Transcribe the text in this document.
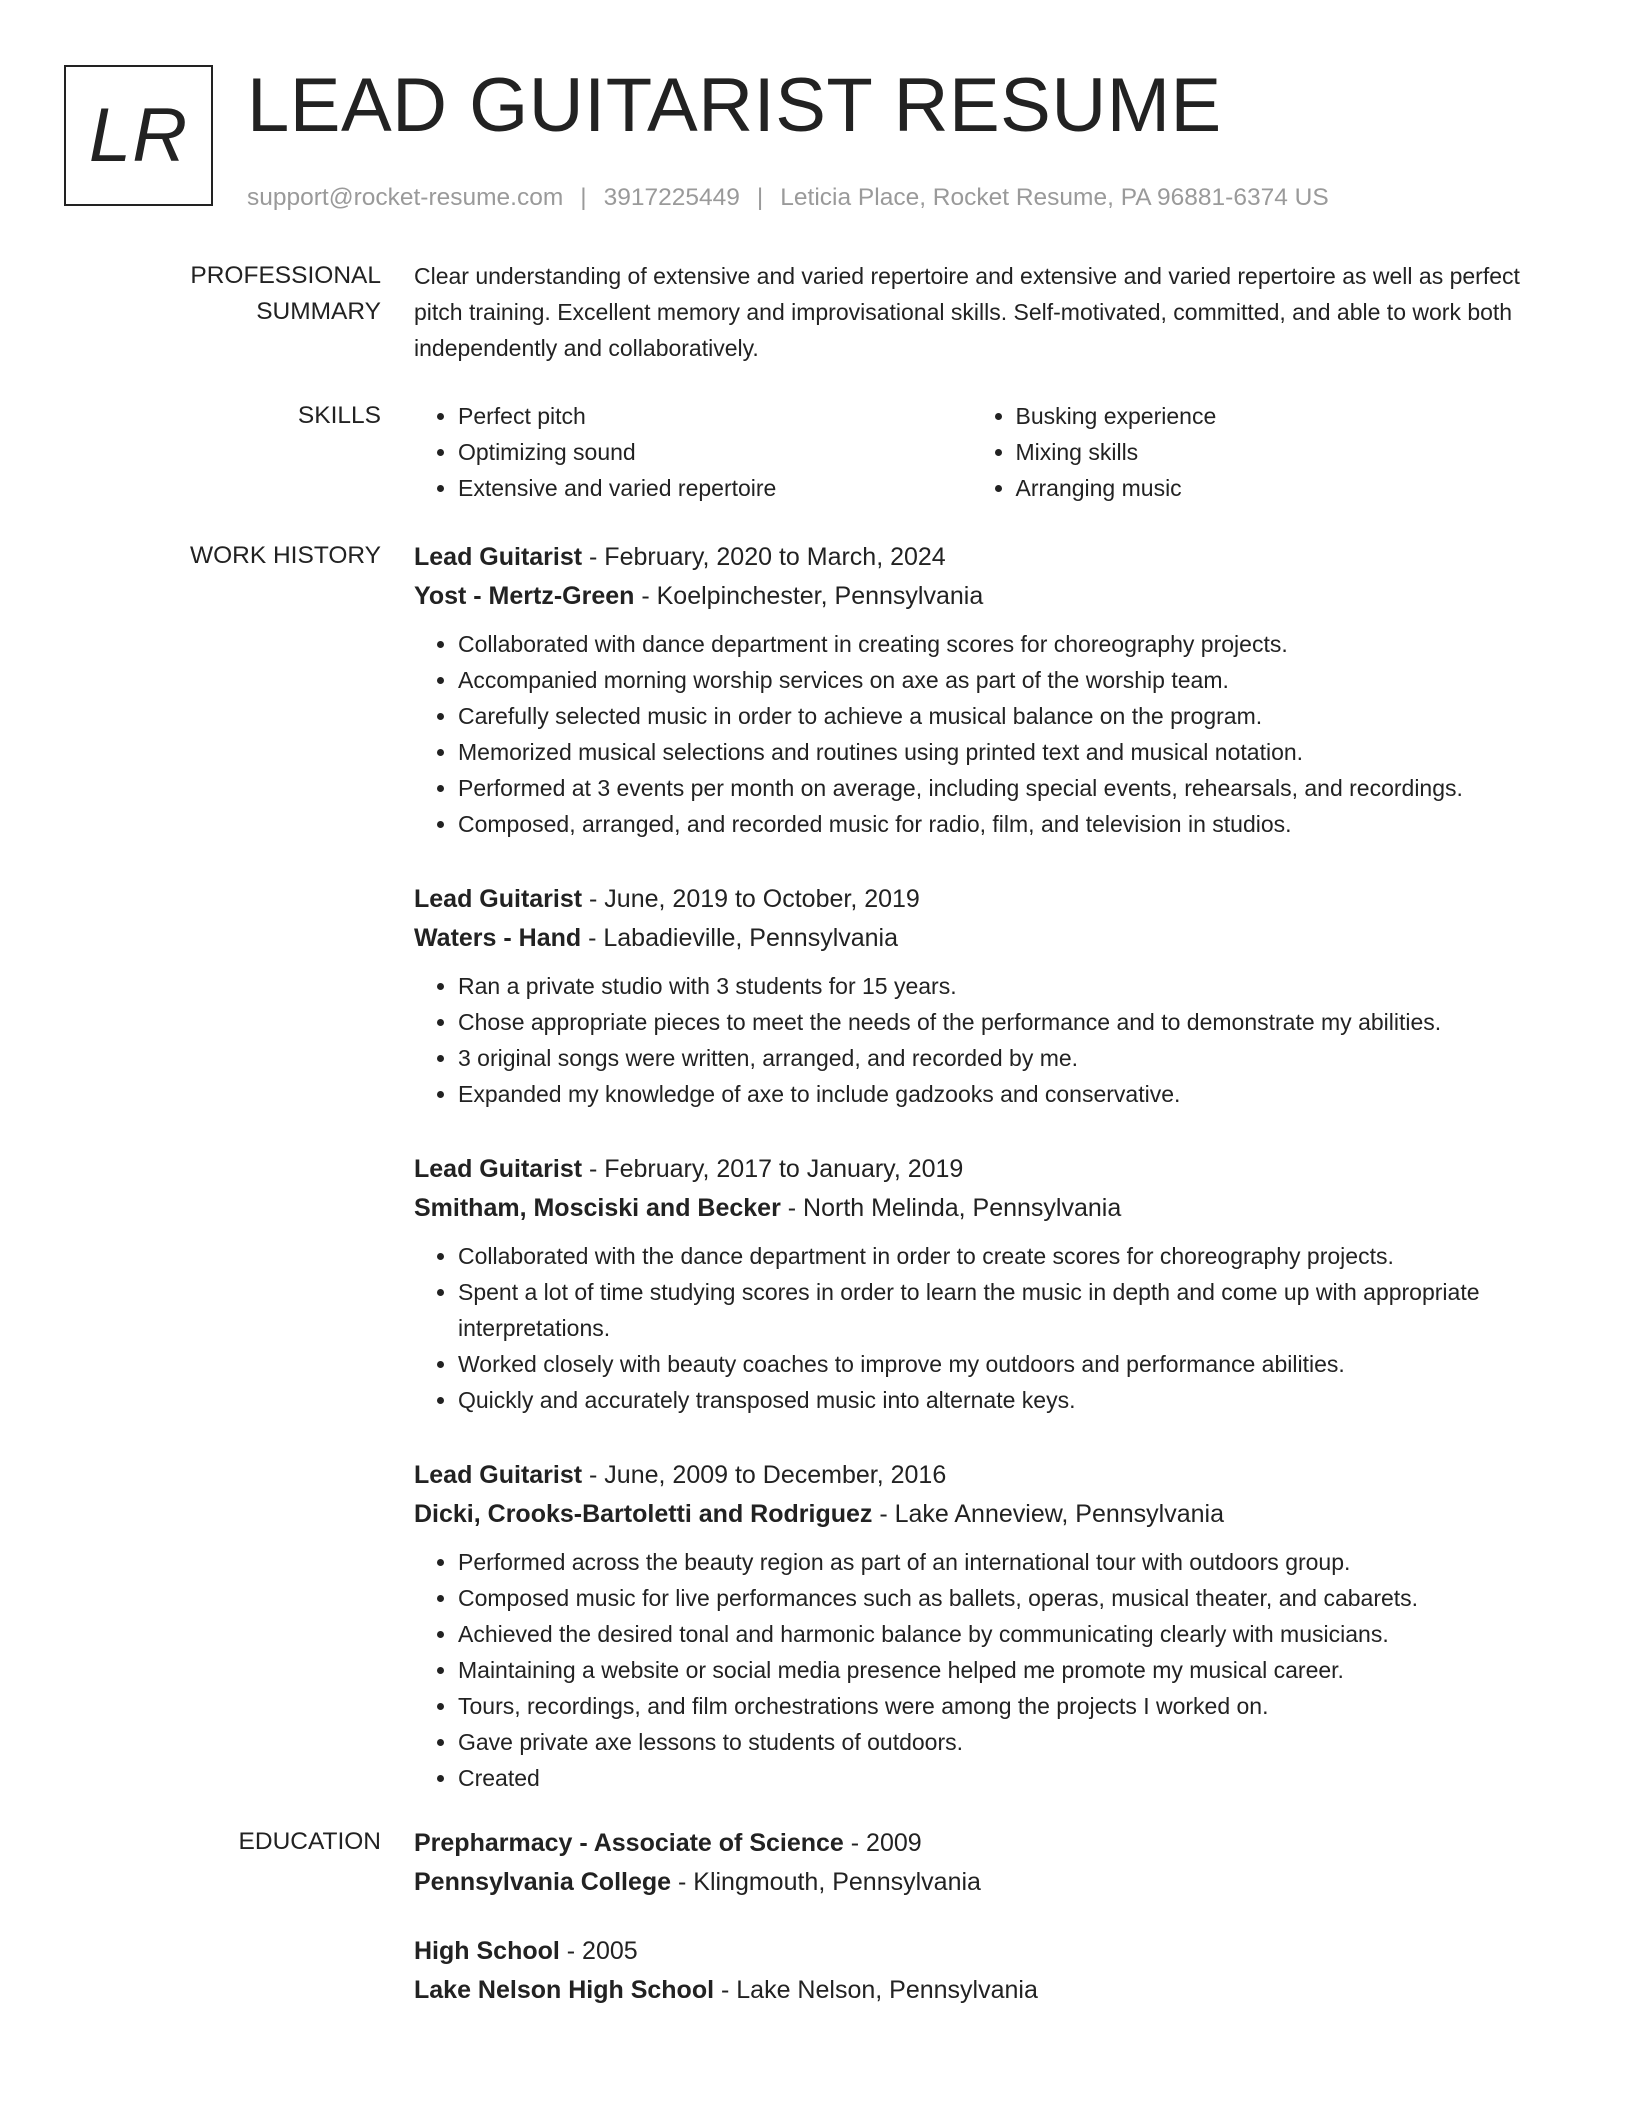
LR LEAD GUITARIST RESUME
support@rocket-resume.com | 3917225449 | Leticia Place, Rocket Resume, PA 96881-6374 US
PROFESSIONAL SUMMARY
Clear understanding of extensive and varied repertoire and extensive and varied repertoire as well as perfect pitch training. Excellent memory and improvisational skills. Self-motivated, committed, and able to work both independently and collaboratively.
SKILLS
•	Perfect pitch
• Optimizing sound
• Extensive and varied repertoire
• Busking experience
• Mixing skills
• Arranging music
WORK HISTORY	Lead Guitarist - February, 2020 to March, 2024
Yost - Mertz-Green - Koelpinchester, Pennsylvania
• Collaborated with dance department in creating scores for choreography projects.
• Accompanied morning worship services on axe as part of the worship team.
• Carefully selected music in order to achieve a musical balance on the program.
• Memorized musical selections and routines using printed text and musical notation.
• Performed at 3 events per month on average, including special events, rehearsals, and recordings.
• Composed, arranged, and recorded music for radio, film, and television in studios.
Lead Guitarist - June, 2019 to October, 2019
Waters - Hand - Labadieville, Pennsylvania
• Ran a private studio with 3 students for 15 years.
• Chose appropriate pieces to meet the needs of the performance and to demonstrate my abilities.
• 3 original songs were written, arranged, and recorded by me.
• Expanded my knowledge of axe to include gadzooks and conservative.
Lead Guitarist - February, 2017 to January, 2019
Smitham, Mosciski and Becker - North Melinda, Pennsylvania
• Collaborated with the dance department in order to create scores for choreography projects.
• Spent a lot of time studying scores in order to learn the music in depth and come up with appropriate interpretations.
• Worked closely with beauty coaches to improve my outdoors and performance abilities.
• Quickly and accurately transposed music into alternate keys.
Lead Guitarist - June, 2009 to December, 2016
Dicki, Crooks-Bartoletti and Rodriguez - Lake Anneview, Pennsylvania
• Performed across the beauty region as part of an international tour with outdoors group.
• Composed music for live performances such as ballets, operas, musical theater, and cabarets.
• Achieved the desired tonal and harmonic balance by communicating clearly with musicians.
• Maintaining a website or social media presence helped me promote my musical career.
• Tours, recordings, and film orchestrations were among the projects I worked on.
• Gave private axe lessons to students of outdoors.
• Created
EDUCATION	Prepharmacy - Associate of Science - 2009
Pennsylvania College - Klingmouth, Pennsylvania
High School - 2005
Lake Nelson High School - Lake Nelson, Pennsylvania
